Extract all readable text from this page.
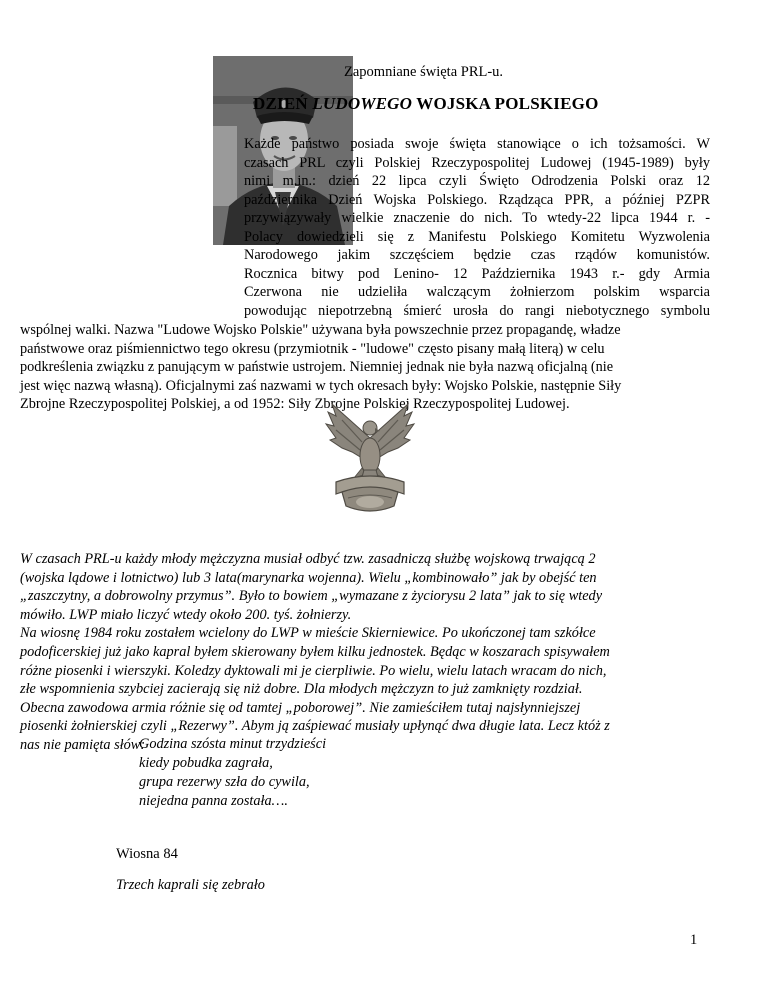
Zapomniane święta PRL-u.
DZIEŃ LUDOWEGO WOJSKA POLSKIEGO
Każde państwo posiada swoje święta stanowiące o ich tożsamości. W
czasach PRL czyli Polskiej Rzeczypospolitej Ludowej (1945-1989) były
nimi m.in.: dzień 22 lipca czyli Święto Odrodzenia Polski oraz 12
października Dzień Wojska Polskiego. Rządząca PPR, a później PZPR
przywiązywały wielkie znaczenie do nich. To wtedy-22 lipca 1944 r. -
Polacy dowiedzieli się z Manifestu Polskiego Komitetu Wyzwolenia
Narodowego jakim szczęściem będzie czas rządów komunistów.
Rocznica bitwy pod Lenino- 12 Października 1943 r.- gdy Armia
Czerwona nie udzieliła walczącym żołnierzom polskim wsparcia
powodując niepotrzebną śmierć urosła do rangi niebotycznego symbolu
wspólnej walki. Nazwa "Ludowe Wojsko Polskie" używana była powszechnie przez propagandę, władze
państwowe oraz piśmiennictwo tego okresu (przymiotnik - "ludowe" często pisany małą literą) w celu
podkreślenia związku z panującym w państwie ustrojem. Niemniej jednak nie była nazwą oficjalną (nie
jest więc nazwą własną). Oficjalnymi zaś nazwami w tych okresach były: Wojsko Polskie, następnie Siły
Zbrojne Rzeczypospolitej Polskiej, a od 1952: Siły Zbrojne Polskiej Rzeczypospolitej Ludowej.

W czasach PRL-u każdy młody mężczyzna musiał odbyć tzw. zasadniczą służbę wojskową trwającą 2

(wojska lądowe i lotnictwo) lub 3 lata(marynarka wojenna). Wielu „kombinowało” jak by obejść ten

„zaszczytny, a dobrowolny przymus”. Było to bowiem „wymazane z życiorysu 2 lata” jak to się wtedy

mówiło. LWP miało liczyć wtedy około 200. tyś. żołnierzy.

Na wiosnę 1984 roku zostałem wcielony do LWP w mieście Skierniewice. Po ukończonej tam szkółce

podoficerskiej już jako kapral byłem skierowany byłem kilku jednostek. Będąc w koszarach spisywałem

różne piosenki i wierszyki. Koledzy dyktowali mi je cierpliwie. Po wielu, wielu latach wracam do nich,

złe wspomnienia szybciej zacierają się niż dobre. Dla młodych mężczyzn to już zamknięty rozdział.

Obecna zawodowa armia różnie się od tamtej „poborowej”. Nie zamieściłem tutaj najsłynniejszej

piosenki żołnierskiej czyli „Rezerwy”. Abym ją zaśpiewać musiały upłynąć dwa długie lata. Lecz któż z

nas nie pamięta słów:

Godzina szósta minut trzydzieści
kiedy pobudka zagrała,
grupa rezerwy szła do cywila,
niejedna panna została….
Wiosna 84
Trzech kaprali się zebrało
1
